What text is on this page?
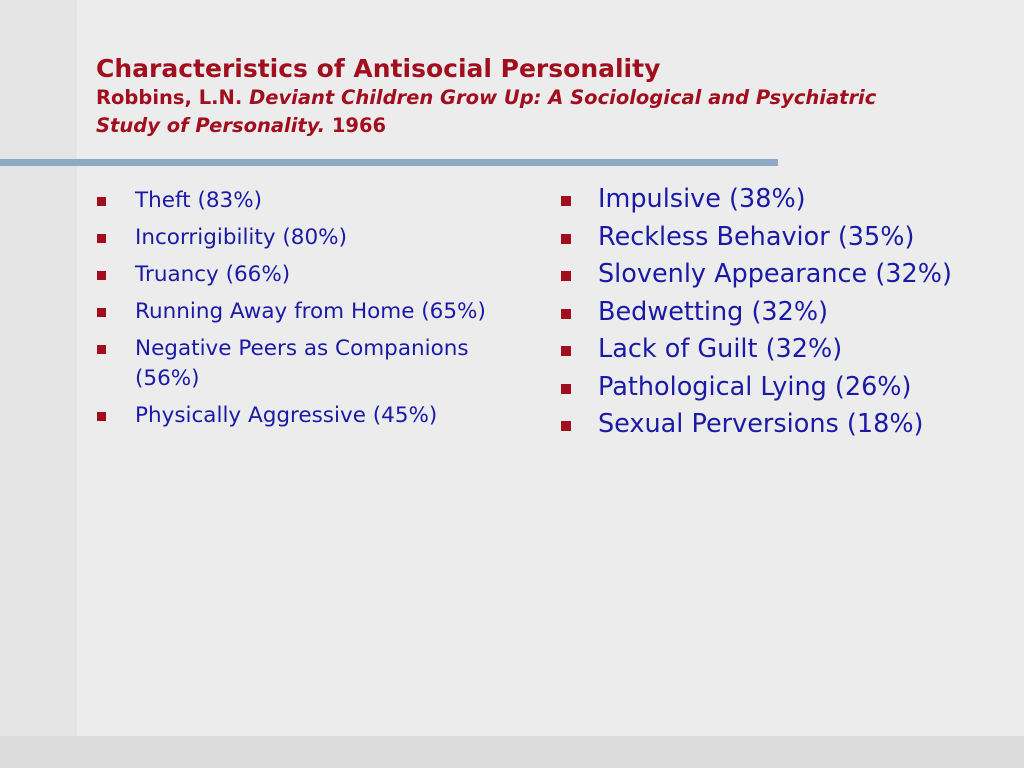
Characteristics of Antisocial Personality
Robbins, L.N. Deviant Children Grow Up: A Sociological and Psychiatric Study of Personality. 1966
Theft (83%)
Incorrigibility (80%)
Truancy (66%)
Running Away from Home (65%)
Negative Peers as Companions (56%)
Physically Aggressive (45%)
Impulsive (38%)
Reckless Behavior (35%)
Slovenly Appearance (32%)
Bedwetting (32%)
Lack of Guilt (32%)
Pathological Lying (26%)
Sexual Perversions (18%)
